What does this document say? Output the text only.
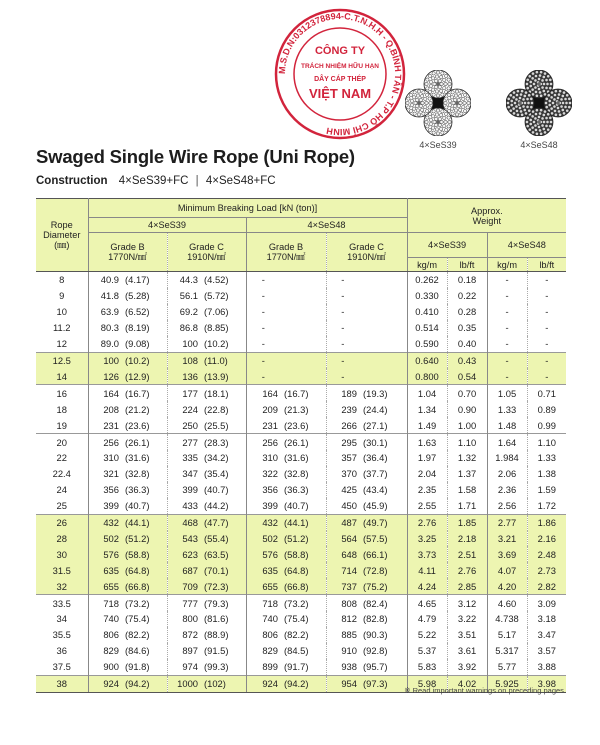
M.S.D.N:0312378894-C.T.N.H.H - Q.BÌNH TÂN - T.P HỒ CHÍ MINH
CÔNG TY
TRÁCH NHIỆM HỮU HẠN
DÂY CÁP THÉP
VIỆT NAM
4×SeS39	4×SeS48
Swaged Single Wire Rope (Uni Rope)
Construction 4×SeS39+FC | 4×SeS48+FC
Rope
Diameter
(㎜)	Minimum Breaking Load [kN (ton)]								Approx.
Weight			
	4×SeS39				4×SeS48							
	Grade B
1770N/㎟		Grade C
1910N/㎟		Grade B
1770N/㎟		Grade C
1910N/㎟		4×SeS39		4×SeS48	
									kg/m	lb/ft	kg/m	lb/ft
8	40.9	(4.17)	44.3	(4.52)	-		-		0.262	0.18	-	-
9	41.8	(5.28)	56.1	(5.72)	-		-		0.330	0.22	-	-
10	63.9	(6.52)	69.2	(7.06)	-		-		0.410	0.28	-	-
11.2	80.3	(8.19)	86.8	(8.85)	-		-		0.514	0.35	-	-
12	89.0	(9.08)	100	(10.2)	-		-		0.590	0.40	-	-
12.5	100	(10.2)	108	(11.0)	-		-		0.640	0.43	-	-
14	126	(12.9)	136	(13.9)	-		-		0.800	0.54	-	-
16	164	(16.7)	177	(18.1)	164	(16.7)	189	(19.3)	1.04	0.70	1.05	0.71
18	208	(21.2)	224	(22.8)	209	(21.3)	239	(24.4)	1.34	0.90	1.33	0.89
19	231	(23.6)	250	(25.5)	231	(23.6)	266	(27.1)	1.49	1.00	1.48	0.99
20	256	(26.1)	277	(28.3)	256	(26.1)	295	(30.1)	1.63	1.10	1.64	1.10
22	310	(31.6)	335	(34.2)	310	(31.6)	357	(36.4)	1.97	1.32	1.984	1.33
22.4	321	(32.8)	347	(35.4)	322	(32.8)	370	(37.7)	2.04	1.37	2.06	1.38
24	356	(36.3)	399	(40.7)	356	(36.3)	425	(43.4)	2.35	1.58	2.36	1.59
25	399	(40.7)	433	(44.2)	399	(40.7)	450	(45.9)	2.55	1.71	2.56	1.72
26	432	(44.1)	468	(47.7)	432	(44.1)	487	(49.7)	2.76	1.85	2.77	1.86
28	502	(51.2)	543	(55.4)	502	(51.2)	564	(57.5)	3.25	2.18	3.21	2.16
30	576	(58.8)	623	(63.5)	576	(58.8)	648	(66.1)	3.73	2.51	3.69	2.48
31.5	635	(64.8)	687	(70.1)	635	(64.8)	714	(72.8)	4.11	2.76	4.07	2.73
32	655	(66.8)	709	(72.3)	655	(66.8)	737	(75.2)	4.24	2.85	4.20	2.82
33.5	718	(73.2)	777	(79.3)	718	(73.2)	808	(82.4)	4.65	3.12	4.60	3.09
34	740	(75.4)	800	(81.6)	740	(75.4)	812	(82.8)	4.79	3.22	4.738	3.18
35.5	806	(82.2)	872	(88.9)	806	(82.2)	885	(90.3)	5.22	3.51	5.17	3.47
36	829	(84.6)	897	(91.5)	829	(84.5)	910	(92.8)	5.37	3.61	5.317	3.57
37.5	900	(91.8)	974	(99.3)	899	(91.7)	938	(95.7)	5.83	3.92	5.77	3.88
38	924	(94.2)	1000	(102)	924	(94.2)	954	(97.3)	5.98	4.02	5.925	3.98
※ Read important warnings on preceding pages.
